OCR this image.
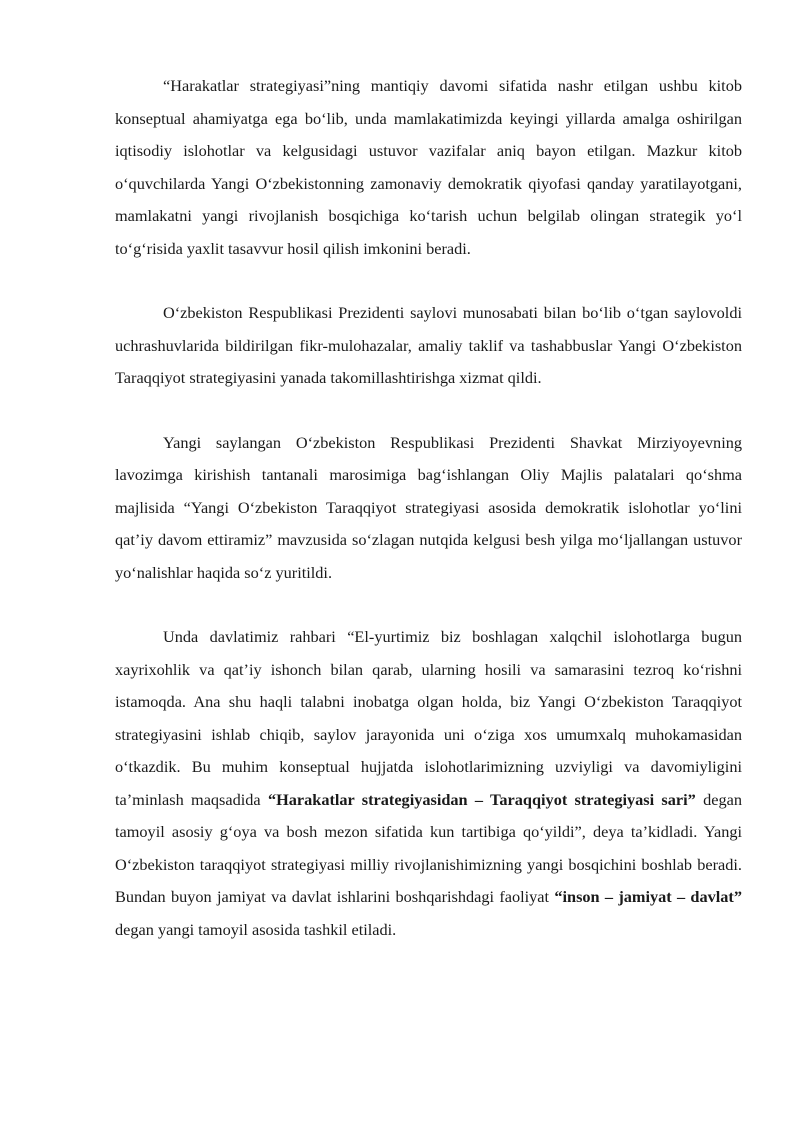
“Harakatlar strategiyasi”ning mantiqiy davomi sifatida nashr etilgan ushbu kitob konseptual ahamiyatga ega bo‘lib, unda mamlakatimizda keyingi yillarda amalga oshirilgan iqtisodiy islohotlar va kelgusidagi ustuvor vazifalar aniq bayon etilgan. Mazkur kitob o‘quvchilarda Yangi O‘zbekistonning zamonaviy demokratik qiyofasi qanday yaratilayotgani, mamlakatni yangi rivojlanish bosqichiga ko‘tarish uchun belgilab olingan strategik yo‘l to‘g‘risida yaxlit tasavvur hosil qilish imkonini beradi.

O‘zbekiston Respublikasi Prezidenti saylovi munosabati bilan bo‘lib o‘tgan saylovoldi uchrashuvlarida bildirilgan fikr-mulohazalar, amaliy taklif va tashabbuslar Yangi O‘zbekiston Taraqqiyot strategiyasini yanada takomillashtirishga xizmat qildi.

Yangi saylangan O‘zbekiston Respublikasi Prezidenti Shavkat Mirziyoyevning lavozimga kirishish tantanali marosimiga bag‘ishlangan Oliy Majlis palatalari qo‘shma majlisida “Yangi O‘zbekiston Taraqqiyot strategiyasi asosida demokratik islohotlar yo‘lini qat’iy davom ettiramiz” mavzusida so‘zlagan nutqida kelgusi besh yilga mo‘ljallangan ustuvor yo‘nalishlar haqida so‘z yuritildi.

Unda davlatimiz rahbari “El-yurtimiz biz boshlagan xalqchil islohotlarga bugun xayrixohlik va qat’iy ishonch bilan qarab, ularning hosili va samarasini tezroq ko‘rishni istamoqda. Ana shu haqli talabni inobatga olgan holda, biz Yangi O‘zbekiston Taraqqiyot strategiyasini ishlab chiqib, saylov jarayonida uni o‘ziga xos umumxalq muhokamasidan o‘tkazdik. Bu muhim konseptual hujjatda islohotlarimizning uzviyligi va davomiyligini ta’minlash maqsadida “Harakatlar strategiyasidan – Taraqqiyot strategiyasi sari” degan tamoyil asosiy g‘oya va bosh mezon sifatida kun tartibiga qo‘yildi”, deya ta’kidladi. Yangi O‘zbekiston taraqqiyot strategiyasi milliy rivojlanishimizning yangi bosqichini boshlab beradi. Bundan buyon jamiyat va davlat ishlarini boshqarishdagi faoliyat “inson – jamiyat – davlat” degan yangi tamoyil asosida tashkil etiladi.
